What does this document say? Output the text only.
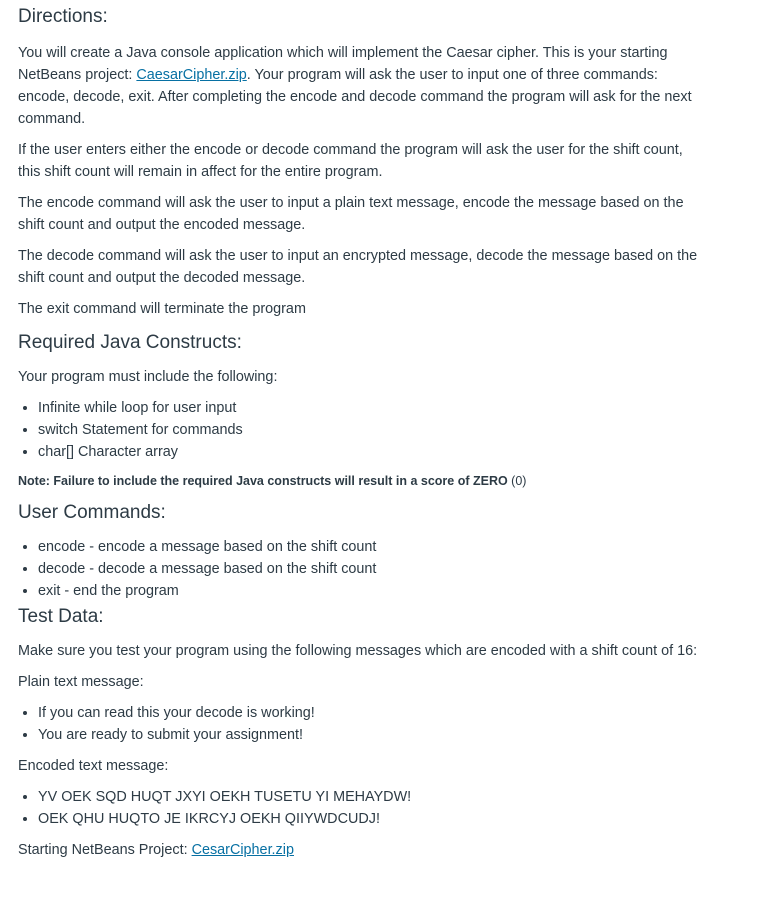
Directions:

You will create a Java console application which will implement the Caesar cipher. This is your starting NetBeans project: CaesarCipher.zip. Your program will ask the user to input one of three commands: encode, decode, exit. After completing the encode and decode command the program will ask for the next command.

If the user enters either the encode or decode command the program will ask the user for the shift count, this shift count will remain in affect for the entire program.

The encode command will ask the user to input a plain text message, encode the message based on the shift count and output the encoded message.

The decode command will ask the user to input an encrypted message, decode the message based on the shift count and output the decoded message.

The exit command will terminate the program

Required Java Constructs:

Your program must include the following:

• Infinite while loop for user input
• switch Statement for commands
• char[] Character array

Note: Failure to include the required Java constructs will result in a score of ZERO (0)

User Commands:
• encode - encode a message based on the shift count
• decode - decode a message based on the shift count
• exit - end the program
Test Data:

Make sure you test your program using the following messages which are encoded with a shift count of 16:

Plain text message:

• If you can read this your decode is working!
• You are ready to submit your assignment!

Encoded text message:

• YV OEK SQD HUQT JXYI OEKH TUSETU YI MEHAYDW!
• OEK QHU HUQTO JE IKRCYJ OEKH QIIYWDCUDJ!

Starting NetBeans Project: CesarCipher.zip
